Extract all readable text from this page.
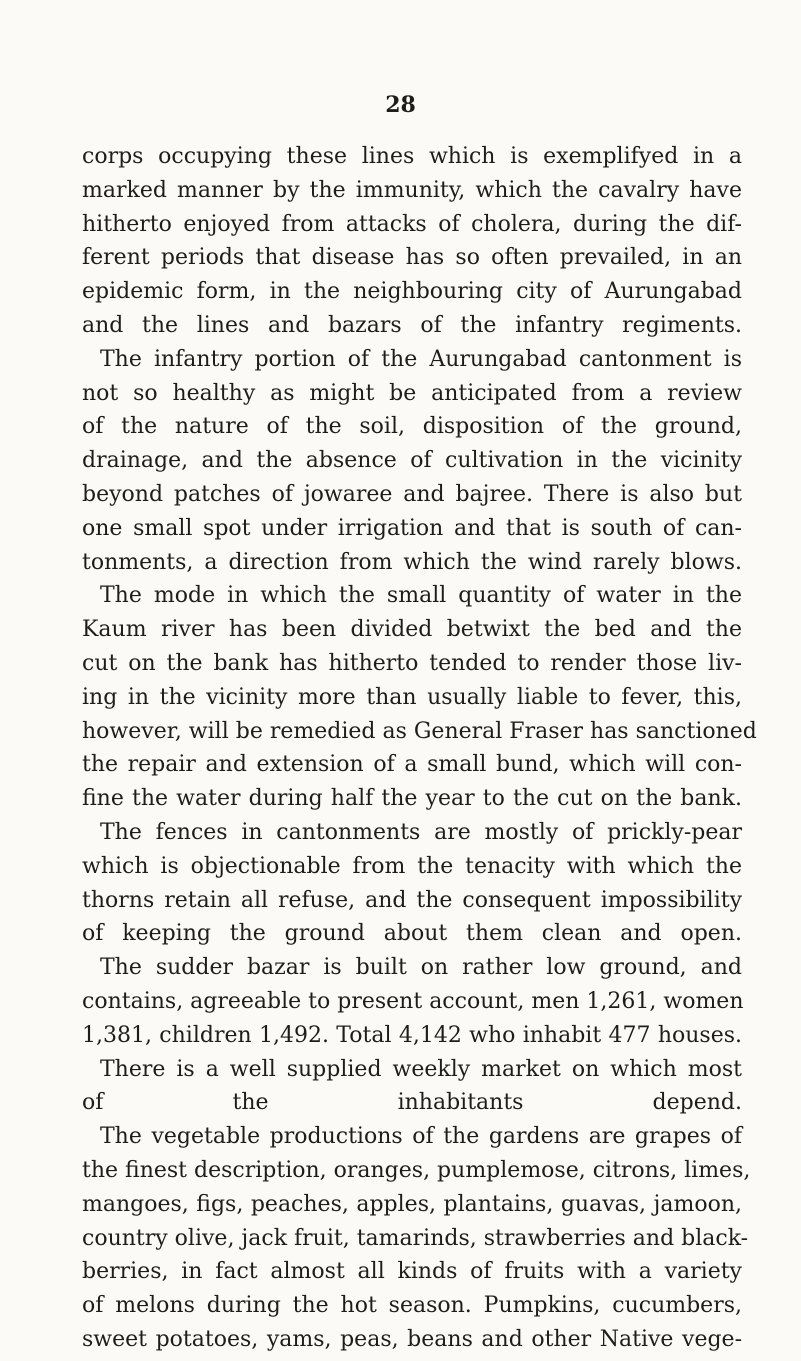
28
corps occupying these lines which is exemplifyed in a
marked manner by the immunity, which the cavalry have
hitherto enjoyed from attacks of cholera, during the dif-
ferent periods that disease has so often prevailed, in an
epidemic form, in the neighbouring city of Aurungabad
and the lines and bazars of the infantry regiments.
The infantry portion of the Aurungabad cantonment is
not so healthy as might be anticipated from a review
of the nature of the soil, disposition of the ground,
drainage, and the absence of cultivation in the vicinity
beyond patches of jowaree and bajree. There is also but
one small spot under irrigation and that is south of can-
tonments, a direction from which the wind rarely blows.
The mode in which the small quantity of water in the
Kaum river has been divided betwixt the bed and the
cut on the bank has hitherto tended to render those liv-
ing in the vicinity more than usually liable to fever, this,
however, will be remedied as General Fraser has sanctioned
the repair and extension of a small bund, which will con-
fine the water during half the year to the cut on the bank.
The fences in cantonments are mostly of prickly-pear
which is objectionable from the tenacity with which the
thorns retain all refuse, and the consequent impossibility
of keeping the ground about them clean and open.
The sudder bazar is built on rather low ground, and
contains, agreeable to present account, men 1,261, women
1,381, children 1,492. Total 4,142 who inhabit 477 houses.
There is a well supplied weekly market on which most
of the inhabitants depend.
The vegetable productions of the gardens are grapes of
the finest description, oranges, pumplemose, citrons, limes,
mangoes, figs, peaches, apples, plantains, guavas, jamoon,
country olive, jack fruit, tamarinds, strawberries and black-
berries, in fact almost all kinds of fruits with a variety
of melons during the hot season. Pumpkins, cucumbers,
sweet potatoes, yams, peas, beans and other Native vege-
